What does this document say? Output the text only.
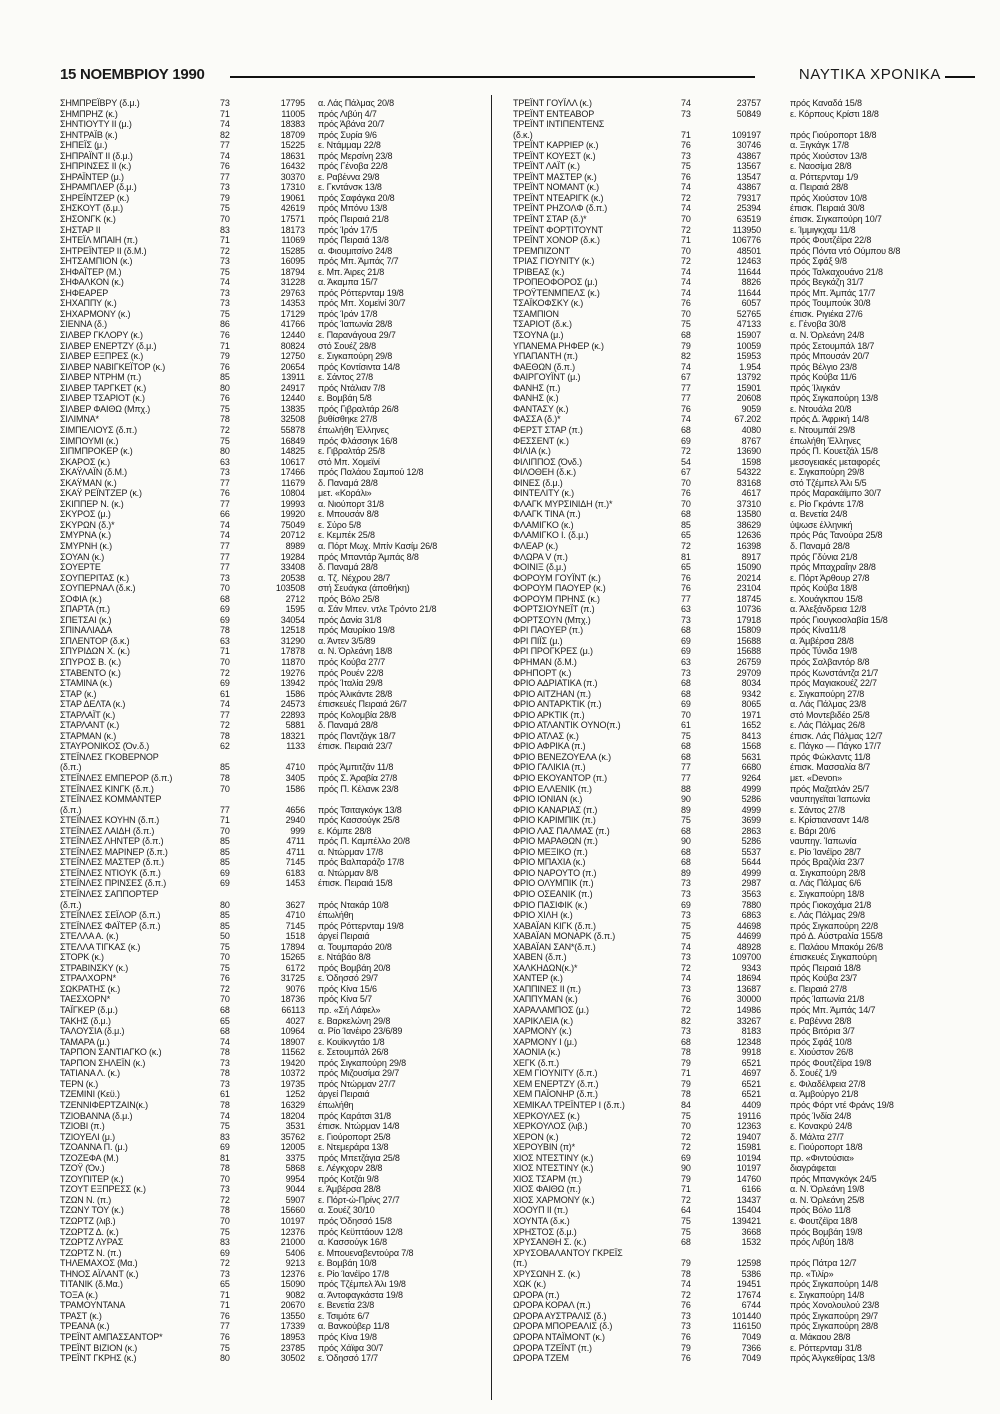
15 ΝΟΕΜΒΡΙΟΥ 1990	ΝΑΥΤΙΚΑ ΧΡΟΝΙΚΑ
ΣΗΜΠΡΕΪΒΡΥ (δ.μ.)	73	17795 α. Λάς Πάλμας 20/8
ΣΗΜΠΡΗΖ (κ.)	71	11005 πρός Λιβύη 4/7
ΣΗΝΤΙΟΥΤΥ ΙΙ (μ.)	74	18383 πρός Άβάνα 20/7
ΣΗΝΤΡΑΪΒ (κ.)	82	18709 πρός Συρία 9/6
ΣΗΠΕΪΣ (μ.)	77	15225 ε. Ντάμμαμ 22/8
ΣΗΠΡΑΪΝΤ ΙΙ (δ.μ.)	74	18631 πρός Μερσίνη 23/8
ΣΗΠΡΙΝΣΕΣ ΙΙ (κ.)	76	16432 πρός Γένοβα 22/8
ΣΗΡΑΪΝΤΕΡ (μ.)	77	30370 ε. Ραβέννα 29/8
ΣΗΡΑΜΠΛΕΡ (δ.μ.)	73	17310 ε. Γκντάνσκ 13/8
ΣΗΡΕΪΝΤΖΕΡ (κ.)	79	19061 πρός Σαφάγκα 20/8
ΣΗΣΚΟΥΤ (δ.μ.)	75	42619 πρός Μπόνυ 13/8
ΣΗΣΟΝΓΚ (κ.)	70	17571 πρός Πειραιά 21/8
ΣΗΣΤΑΡ ΙΙ	83	18173 πρός Ίράν 17/5
ΣΗΤΕΪΛ ΜΠΑΙΗ (π.)	71	11069 πρός Πειραιά 13/8
ΣΗΤΡΕΪΝΤΕΡ ΙΙ (δ.Μ.)	72	15285 α. Φιουμιτσίνο 24/8
ΣΗΤΣΑΜΠΙΟΝ (κ.)	73	16095 πρός Μπ. Άμπάς 7/7
ΣΗΦΑΪΤΕΡ (Μ.)	75	18794 ε. Μπ. Άιρες 21/8
ΣΗΦΑΛΚΟΝ (κ.)	74	31228 α. Άκαμπα 15/7
ΣΗΦΕΑΡΕΡ	73	29763 πρός Ρόττερνταμ 19/8
ΣΗΧΑΠΠΥ (κ.)	73	14353 πρός Μπ. Χομεϊνί 30/7
ΣΗΧΑΡΜΟΝΥ (κ.)	75	17129 πρός Ίράν 17/8
ΣΙΕΝΝΑ (δ.)	86	41766 πρός Ίαπωνία 28/8
ΣΙΛΒΕΡ ΓΚΛΟΡΥ (κ.)	76	12440 ε. Παρανάγουα 29/7
ΣΙΛΒΕΡ ΕΝΕΡΤΖΥ (δ.μ.)	71	80824 στό Σουέζ 28/8
ΣΙΛΒΕΡ ΕΞΠΡΕΣ (κ.)	79	12750 ε. Σιγκαπούρη 29/8
ΣΙΛΒΕΡ ΝΑΒΙΓΚΕΪΤΟΡ (κ.)	76	20654 πρός Κοντίσιντα 14/8
ΣΙΛΒΕΡ ΝΤΡΗΜ (π.)	85	13911 ε. Σάντος 27/8
ΣΙΛΒΕΡ ΤΑΡΓΚΕΤ (κ.)	80	24917 πρός Ντάλιαν 7/8
ΣΙΛΒΕΡ ΤΣΑΡΙΟΤ (κ.)	76	12440 ε. Βομβάη 5/8
ΣΙΛΒΕΡ ΦΑΙΘΩ (Μπχ.)	75	13835 πρός Γιβραλτάρ 26/8
ΣΙΛΙΜΝΑ*	78	32508 βυθίσθηκε 27/8
ΣΙΜΠΕΛΙΟΥΣ (δ.π.)	72	55878 έπωλήθη Έλληνες
ΣΙΜΠΟΥΜΙ (κ.)	75	16849 πρός Φλάσσιγκ 16/8
ΣΙΠΜΠΡΟΚΕΡ (κ.)	80	14825 ε. Γιβραλτάρ 25/8
ΣΚΑΡΟΣ (κ.)	63	10617 στό Μπ. Χομεϊνί
ΣΚΑΫΛΑΪΝ (δ.Μ.)	73	17466 πρός Παλάου Σαμπού 12/8
ΣΚΑΫΜΑΝ (κ.)	77	11679 δ. Παναμά 28/8
ΣΚΑΫ ΡΕΪΝΤΖΕΡ (κ.)	76	10804 μετ. «Κοράλι»
ΣΚΙΠΠΕΡ Ν. (κ.)	77	19993 α. Νιούπορτ 31/8
ΣΚΥΡΟΣ (μ.)	66	19920 ε. Μπουσάν 8/8
ΣΚΥΡΩΝ (δ.)*	74	75049 ε. Σύρο 5/8
ΣΜΥΡΝΑ (κ.)	74	20712 ε. Κεμπέκ 25/8
ΣΜΥΡΝΗ (κ.)	77	8989 α. Πόρτ Μωχ. Μπίν Κασίμ 26/8
ΣΟΥΑΝ (κ.)	77	19284 πρός Μπαντάρ Άμπάς 8/8
ΣΟΥΕΡΤΕ	77	33408 δ. Παναμά 28/8
ΣΟΥΠΕΡΙΤΑΣ (κ.)	73	20538 α. Τζ. Νέχρου 28/7
ΣΟΥΠΕΡΝΑΛ (δ.κ.)	70	103508 στή Σευάγκα (άποθήκη)
ΣΟΦΙΑ (κ.)	68	2712 πρός Βόλο 25/8
ΣΠΑΡΤΑ (π.)	69	1595 α. Σάν Μπεν. ντλε Τρόντο 21/8
ΣΠΕΤΣΑΙ (κ.)	69	34054 πρός Δανία 31/8
ΣΠΙΝΑΛΙΑΔΑ	78	12518 πρός Μαυρίκιο 19/8
ΣΠΛΕΝΤΟΡ (δ.κ.)	63	31290 α. Άντεν 3/5/89
ΣΠΥΡΙΔΩΝ Χ. (κ.)	71	17878 α. Ν. Όρλεάνη 18/8
ΣΠΥΡΟΣ Β. (κ.)	70	11870 πρός Κούβα 27/7
ΣΤΑΒΕΝΤΟ (κ.)	72	19276 πρός Ρουέν 22/8
ΣΤΑΜΙΝΑ (κ.)	69	13942 πρός Ίταλία 29/8
ΣΤΑΡ (κ.)	61	1586 πρός Άλικάντε 28/8
ΣΤΑΡ ΔΕΛΤΑ (κ.)	74	24573 έπισκευές Πειραιά 26/7
ΣΤΑΡΛΑΪΤ (κ.)	77	22893 πρός Κολομβία 28/8
ΣΤΑΡΛΑΝΤ (κ.)	72	5881 δ. Παναμά 28/8
ΣΤΑΡΜΑΝ (κ.)	78	18321 πρός Παντζάγκ 18/7
ΣΤΑΥΡΟΝΙΚΟΣ (Όν.δ.)	62	1133 έπισκ. Πειραιά 23/7
ΣΤΕΪΝΛΕΣ ΓΚΟΒΕΡΝΟΡ
(δ.π.)	85	4710 πρός Άμπιτζάν 11/8
ΣΤΕΪΝΛΕΣ ΕΜΠΕΡΟΡ (δ.π.)	78	3405 πρός Σ. Άραβία 27/8
ΣΤΕΪΝΛΕΣ ΚΙΝΓΚ (δ.π.)	70	1586 πρός Π. Κέλανκ 23/8
ΣΤΕΪΝΛΕΣ ΚΟΜΜΑΝΤΕΡ
(δ.π.)	77	4656 πρός Τσιταγκόγκ 13/8
ΣΤΕΪΝΛΕΣ ΚΟΥΗΝ (δ.π.)	71	2940 πρός Κασσούγκ 25/8
ΣΤΕΪΝΛΕΣ ΛΑΙΔΗ (δ.π.)	70	999 ε. Κόμπε 28/8
ΣΤΕΪΝΛΕΣ ΛΗΝΤΕΡ (δ.π.)	85	4711 πρός Π. Καμπέλλο 20/8
ΣΤΕΪΝΛΕΣ ΜΑΡΙΝΕΡ (δ.π.)	85	4711 α. Ντώρμαν 17/8
ΣΤΕΪΝΛΕΣ ΜΑΣΤΕΡ (δ.π.)	85	7145 πρός Βαλπαράζο 17/8
ΣΤΕΪΝΛΕΣ ΝΤΙΟΥΚ (δ.π.)	69	6183 α. Ντώρμαν 8/8
ΣΤΕΪΝΛΕΣ ΠΡΙΝΣΕΣ (δ.π.)	69	1453 έπισκ. Πειραιά 15/8
ΣΤΕΪΝΛΕΣ ΣΑΠΠΟΡΤΕΡ
(δ.π.)	80	3627 πρός Ντακάρ 10/8
ΣΤΕΪΝΛΕΣ ΣΕΪΛΟΡ (δ.π.)	85	4710 έπωλήθη
ΣΤΕΪΝΛΕΣ ΦΑΪΤΕΡ (δ.π.)	85	7145 πρός Ρόττερνταμ 19/8
ΣΤΕΛΛΑ Α. (κ.)	50	1518 άργεί Πειραιά
ΣΤΕΛΛΑ ΤΙΓΚΑΣ (κ.)	75	17894 α. Τουμπαράο 20/8
ΣΤΟΡΚ (κ.)	70	15265 ε. Ντάβάο 8/8
ΣΤΡΑΒΙΝΣΚΥ (κ.)	75	6172 πρός Βομβάη 20/8
ΣΤΡΑΛΧΟΡΝ*	76	31725 ε. Όδησσό 29/7
ΣΩΚΡΑΤΗΣ (κ.)	72	9076 πρός Κίνα 15/6
ΤΑΕΣΧΟΡΝ*	70	18736 πρός Κίνα 5/7
ΤΑΪΓΚΕΡ (δ.μ.)	68	66113 πρ. «Σή Λάφελ»
ΤΑΚΗΣ (δ.μ.)	65	4027 ε. Βαρκελώνη 29/8
ΤΑΛΟΥΣΙΑ (δ.μ.)	68	10964 α. Ρίο Ίανέιρο 23/6/89
ΤΑΜΑΡΑ (μ.)	74	18907 ε. Κουϊκνγτάο 1/8
ΤΑΡΠΟΝ ΣΑΝΤΙΑΓΚΟ (κ.)	78	11562 ε. Σετουμπάλ 26/8
ΤΑΡΠΟΝ ΣΗΛΕΪΝ (κ.)	73	19420 πρός Σιγκαπούρη 29/8
ΤΑΤΙΑΝΑ Λ. (κ.)	78	10372 πρός Μιζουσίμα 29/7
ΤΕΡΝ (κ.)	73	19735 πρός Ντώρμαν 27/7
ΤΖΕΜΙΝΙ (Κεϋ.)	61	1252 άργεί Πειραιά
ΤΖΕΝΝΙΦΕΡΤΖΑΙΝ(κ.)	78	16329 έπωλήθη
ΤΖΙΟΒΑΝΝΑ (δ.μ.)	74	18204 πρός Καράτσι 31/8
ΤΖΙΟΒΙ (π.)	75	3531 έπισκ. Ντώρμαν 14/8
ΤΖΙΟΥΕΛΙ (μ.)	83	35762 ε. Γιούροπορτ 25/8
ΤΖΟΑΝΝΑ Π. (μ.)	69	12005 ε. Ντεμεράρα 13/8
ΤΖΟΖΕΦΑ (Μ.)	81	3375 πρός Μπετζάγια 25/8
ΤΖΟΫ (Όν.)	78	5868 ε. Λέγκχορν 28/8
ΤΖΟΥΠΙΤΕΡ (κ.)	70	9954 πρός Κοτζάι 9/8
ΤΖΟΥΤ ΕΞΠΡΕΣΣ (κ.)	73	9044 ε. Άμβέρσα 28/8
ΤΖΩΝ Ν. (π.)	72	5907 ε. Πόρτ-ώ-Πρίνς 27/7
ΤΖΩΝΥ ΤΟΥ (κ.)	78	15660 α. Σουέζ 30/10
ΤΖΩΡΤΖ (λιβ.)	70	10197 πρός Όδησσό 15/8
ΤΖΩΡΤΖ Δ. (κ.)	75	12376 πρός Κεϋπτάουν 12/8
ΤΖΩΡΤΖ ΛΥΡΑΣ	83	21000 α. Κασσούγκ 16/8
ΤΖΩΡΤΖ Ν. (π.)	69	5406 ε. Μπουεναβεντούρα 7/8
ΤΗΛΕΜΑΧΟΣ (Μα.)	72	9213 ε. Βομβάη 10/8
ΤΗΝΟΣ ΑΪΛΑΝΤ (κ.)	73	12376 ε. Ρίο Ίανέϊρο 17/8
ΤΙΤΑΝΙΚ (δ.Μα.)	65	15090 πρός Τζέμπελ Άλι 19/8
ΤΟΞΑ (κ.)	71	9082 α. Άντοφαγκάστα 19/8
ΤΡΑΜΟΥΝΤΑΝΑ	71	20670 ε. Βενετία 23/8
ΤΡΑΣΤ (κ.)	76	13550 ε. Τσιμότε 6/7
ΤΡΕΑΝΑ (κ.)	77	17339 α. Βανκούβερ 11/8
ΤΡΕΪΝΤ ΑΜΠΑΣΣΑΝΤΟΡ*	76	18953 πρός Κίνα 19/8
ΤΡΕΪΝΤ ΒΙΖΙΟΝ (κ.)	75	23785 πρός Χάϊφα 30/7
ΤΡΕΪΝΤ ΓΚΡΗΣ (κ.)	80	30502 ε. Όδησσό 17/7
ΤΡΕΪΝΤ ΓΟΥΪΛΛ (κ.)	74	23757	πρός Καναδά 15/8
ΤΡΕΪΝΤ ΕΝΤΕΑΒΟΡ	73	50849	ε. Κόρπους Κρίστι 18/8
ΤΡΕΪΝΤ ΙΝΤΙΠΕΝΤΕΝΣ
(δ.κ.)	71	109197	πρός Γιούροπορτ 18/8
ΤΡΕΪΝΤ ΚΑΡΡΙΕΡ (κ.)	76	30746	α. Ξιγκάγκ 17/8
ΤΡΕΪΝΤ ΚΟΥΕΣΤ (κ.)	73	43867	πρός Χιούστον 13/8
ΤΡΕΪΝΤ ΛΑΪΤ (κ.)	75	13567	ε. Ναοσίμα 28/8
ΤΡΕΪΝΤ ΜΑΣΤΕΡ (κ.)	76	13547	α. Ρόττερνταμ 1/9
ΤΡΕΪΝΤ ΝΟΜΑΝΤ (κ.)	74	43867	α. Πειραιά 28/8
ΤΡΕΪΝΤ ΝΤΕΑΡΙΓΚ (κ.)	72	79317	πρός Χιούστον 10/8
ΤΡΕΪΝΤ ΡΗΖΟΛΦ (δ.π.)	74	25394	έπισκ. Πειραιά 30/8
ΤΡΕΪΝΤ ΣΤΑΡ (δ.)*	70	63519	έπισκ. Σιγκαπούρη 10/7
ΤΡΕΪΝΤ ΦΟΡΤΙΤΟΥΝΤ	72	113950	ε. Ίμμιγκχαμ 11/8
ΤΡΕΪΝΤ ΧΟΝΟΡ (δ.κ.)	71	106776	πρός Φουτζέϊρα 22/8
ΤΡΕΜΠΙΖΟΝΤ	70	48501	πρός Πόντα ντό Ούμπου 8/8
ΤΡΙΑΣ ΓΙΟΥΝΙΤΥ (κ.)	72	12463	πρός Σφάξ 9/8
ΤΡΙΒΕΑΣ (κ.)	74	11644	πρός Ταλκαχουάνο 21/8
ΤΡΟΠΕΟΦΟΡΟΣ (μ.)	74	8826	πρός Βεγκάζη 31/7
ΤΡΟΫΤΕΝΜΠΕΛΣ (κ.)	74	11644	πρός Μπ. Άμπάς 17/7
ΤΣΑΪΚΟΦΣΚΥ (κ.)	76	6057	πρός Τουμπούκ 30/8
ΤΣΑΜΠΙΟΝ	70	52765	έπισκ. Ριγιέκα 27/6
ΤΣΑΡΙΟΤ (δ.κ.)	75	47133	ε. Γένοβα 30/8
ΤΣΟΥΝΑ (μ.)	68	15907	α. Ν. Όρλεάνη 24/8
ΥΠΑΝΕΜΑ ΡΗΦΕΡ (κ.)	79	10059	πρός Σετουμπάλ 18/7
ΥΠΑΠΑΝΤΗ (π.)	82	15953	πρός Μπουσάν 20/7
ΦΑΕΘΩΝ (δ.π.)	74	1.954	πρός Βέλγιο 23/8
ΦΑΙΡΓΟΥΪΝΤ (μ.)	67	13792	πρός Κούβα 11/6
ΦΑΝΗΣ (π.)	77	15901	πρός Ίλιγκάν
ΦΑΝΗΣ (κ.)	77	20608	πρός Σιγκαπούρη 13/8
ΦΑΝΤΑΣΥ (κ.)	76	9059	ε. Ντουάλα 20/8
ΦΑΣΣΑ (δ.)*	74	67.202	πρός Δ. Άφρική 14/8
ΦΕΡΣΤ ΣΤΑΡ (π.)	68	4080	ε. Ντουμπάϊ 29/8
ΦΕΣΣΕΝΤ (κ.)	69	8767	έπωλήθη Έλληνες
ΦΙΛΙΑ (κ.)	72	13690	πρός Π. Κουετζάλ 15/8
ΦΙΛΙΠΠΟΣ (Όνδ.)	54	1598	μεσογειακές μεταφορές
ΦΙΛΟΘΕΗ (δ.κ.)	67	54322	ε. Σιγκαπούρη 29/8
ΦΙΝΕΣ (δ.μ.)	70	83168	στό Τζέμπελ Άλι 5/5
ΦΙΝΤΕΛΙΤΥ (κ.)	76	4617	πρός Μαρακάϊμπο 30/7
ΦΛΑΓΚ ΜΥΡΣΙΝΙΔΗ (π.)*	70	37310	ε. Ρίο Γκράντε 17/8
ΦΛΑΓΚ ΤΙΝΑ (π.)	68	13580	α. Βενετία 24/8
ΦΛΑΜΙΓΚΟ (κ.)	85	38629	ύψωσε έλληνική
ΦΛΑΜΙΓΚΟ Ι. (δ.μ.)	65	12636	πρός Ράς Τανούρα 25/8
ΦΛΕΑΡ (κ.)	72	16398	δ. Παναμά 28/8
ΦΛΩΡΑ V (π.)	81	8917	πρός Γδύνια 21/8
ΦΟΙΝΙΞ (δ.μ.)	65	15090	πρός Μπαχραΐην 28/8
ΦΟΡΟΥΜ ΓΟΥΪΝΤ (κ.)	76	20214	ε. Πόρτ Άρθουρ 27/8
ΦΟΡΟΥΜ ΠΑΟΥΕΡ (κ.)	76	23104	πρός Κούβα 18/8
ΦΟΡΟΥΜ ΠΡΗΝΣ (κ.)	77	18745	ε. Χουάγκπου 15/8
ΦΟΡΤΣΙΟΥΝΕΪΤ (π.)	63	10736	α. Άλεξάνδρεια 12/8
ΦΟΡΤΣΟΥΝ (Μπχ.)	73	17918	πρός Γιουγκοσλαβία 15/8
ΦΡΙ ΠΑΟΥΕΡ (π.)	68	15809	πρός Κίνα11/8
ΦΡΙ ΠΙΪΣ (μ.)	69	15688	α. Άμβέρσα 28/8
ΦΡΙ ΠΡΟΓΚΡΕΣ (μ.)	69	15688	πρός Τύνιδα 19/8
ΦΡΗΜΑΝ (δ.Μ.)	63	26759	πρός Σαλβαντόρ 8/8
ΦΡΗΠΟΡΤ (κ.)	73	29709	πρός Κωνστάντζα 21/7
ΦΡΙΟ ΑΔΡΙΑΤΙΚΑ (π.)	68	8034	πρός Μαγιακουέζ 22/7
ΦΡΙΟ ΑΙΤΖΗΑΝ (π.)	68	9342	ε. Σιγκαπούρη 27/8
ΦΡΙΟ ΑΝΤΑΡΚΤΙΚ (π.)	69	8065	α. Λάς Πάλμας 23/8
ΦΡΙΟ ΑΡΚΤΙΚ (π.)	70	1971	στό Μοντεβιδέο 25/8
ΦΡΙΟ ΑΤΛΑΝΤΙΚ ΟΥΝΟ(π.)	61	1652	ε. Λάς Πάλμας 26/8
ΦΡΙΟ ΑΤΛΑΣ (κ.)	75	8413	έπισκ. Λάς Πάλμας 12/7
ΦΡΙΟ ΑΦΡΙΚΑ (π.)	68	1568	ε. Πάγκο — Πάγκο 17/7
ΦΡΙΟ ΒΕΝΕΖΟΥΕΛΑ (κ.)	68	5631	πρός Φώκλαντς 11/8
ΦΡΙΟ ΓΑΛΙΚΙΑ (π.)	77	6680	έπισκ. Μασσαλία 8/7
ΦΡΙΟ ΕΚΟΥΑΝΤΟΡ (π.)	77	9264	μετ. «Devon»
ΦΡΙΟ ΕΛΛΕΝΙΚ (π.)	88	4999	πρός Μαζατλάν 25/7
ΦΡΙΟ ΙΟΝΙΑΝ (κ.)	90	5286	ναυπηγεϊται Ίαπωνία
ΦΡΙΟ ΚΑΝΑΡΙΑΣ (π.)	89	4999	ε. Σάντος 27/8
ΦΡΙΟ ΚΑΡΙΜΠΙΚ (π.)	75	3699	ε. Κρίστιανσαντ 14/8
ΦΡΙΟ ΛΑΣ ΠΑΛΜΑΣ (π.)	68	2863	ε. Βάρι 20/6
ΦΡΙΟ ΜΑΡΑΘΩΝ (π.)	90	5286	ναυπηγ. Ίαπωνία
ΦΡΙΟ ΜΕΞΙΚΟ (π.)	68	5537	ε. Ρίο Ίανέϊρο 28/7
ΦΡΙΟ ΜΠΑΧΙΑ (κ.)	68	5644	πρός Βραζιλία 23/7
ΦΡΙΟ ΝΑΡΟΥΤΟ (π.)	89	4999	α. Σιγκαπούρη 28/8
ΦΡΙΟ ΟΛΥΜΠΙΚ (π.)	73	2987	α. Λάς Πάλμας 6/6
ΦΡΙΟ ΟΣΕΑΝΙΚ (π.)	73	3563	ε. Σιγκαπούρη 18/8
ΦΡΙΟ ΠΑΣΙΦΙΚ (κ.)	69	7880	πρός Γιοκοχάμα 21/8
ΦΡΙΟ ΧΙΛΗ (κ.)	73	6863	ε. Λάς Πάλμας 29/8
ΧΑΒΑΪΑΝ ΚΙΓΚ (δ.π.)	75	44698	πρός Σιγκαπούρη 22/8
ΧΑΒΑΪΑΝ ΜΟΝΑΡΚ (δ.π.)	75	44699	πρό Δ. Αύστραλία 155/8
ΧΑΒΑΪΑΝ ΣΑΝ*(δ.π.)	74	48928	ε. Παλάου Μπακόμ 26/8
ΧΑΒΕΝ (δ.π.)	73	109700	έπισκευές Σιγκαπούρη
ΧΑΛΚΗΔΩΝ(κ.)*	72	9343	πρός Πειραιά 18/8
ΧΑΝΤΕΡ (κ.)	74	18694	πρός Κούβα 23/7
ΧΑΠΠΙΝΕΣ ΙΙ (π.)	73	13687	ε. Πειραιά 27/8
ΧΑΠΠΥΜΑΝ (κ.)	76	30000	πρός Ίαπωνία 21/8
ΧΑΡΑΛΑΜΠΟΣ (μ.)	72	14986	πρός Μπ. Άμπάς 14/7
ΧΑΡΙΚΛΕΙΑ (κ.)	82	33267	ε. Ραβέννα 28/8
ΧΑΡΜΟΝΥ (κ.)	73	8183	πρός Βιτόρια 3/7
ΧΑΡΜΟΝΥ Ι (μ.)	68	12348	πρός Σφάξ 10/8
ΧΑΟΝΙΑ (κ.)	78	9918	ε. Χιούστον 26/8
ΧΕΓΚ (δ.π.)	79	6521	πρός Φουτζέϊρα 19/8
ΧΕΜ ΓΙΟΥΝΙΤΥ (δ.π.)	71	4697	δ. Σουέζ 1/9
ΧΕΜ ΕΝΕΡΤΖΥ (δ.π.)	79	6521	ε. Φιλαδέλφεια 27/8
ΧΕΜ ΠΑΪΟΝΗΡ (δ.π.)	78	6521	α. Άμβούργο 21/8
ΧΕΜΙΚΑΛ ΤΡΕΪΝΤΕΡ Ι (δ.π.)	84	4409	πρός Φόρτ ντέ Φράνς 19/8
ΧΕΡΚΟΥΛΕΣ (κ.)	75	19116	πρός Ίνδία 24/8
ΧΕΡΚΟΥΛΟΣ (λιβ.)	70	12363	ε. Κονακρύ 24/8
ΧΕΡΟΝ (κ.)	72	19407	δ. Μάλτα 27/7
ΧΕΡΟΥΒΙΝ (π)*	72	15981	ε. Γιούροπορτ 18/8
ΧΙΟΣ ΝΤΕΣΤΙΝΥ (κ.)	69	10194	πρ. «Φιντούσια»
ΧΙΟΣ ΝΤΕΣΤΙΝΥ (κ.)	90	10197	διαγράφεται
ΧΙΟΣ ΤΣΑΡΜ (π.)	79	14760	πρός Μπανγκόγκ 24/5
ΧΙΟΣ ΦΑΙΘΩ (π.)	71	6166	α. Ν. Όρλεάνη 19/8
ΧΙΟΣ ΧΑΡΜΟΝΥ (κ.)	72	13437	α. Ν. Όρλεάνη 25/8
ΧΟΟΥΠ ΙΙ (π.)	64	15404	πρός Βόλο 11/8
ΧΟΥΝΤΑ (δ.κ.)	75	139421	ε. Φουτζέϊρα 18/8
ΧΡΗΣΤΟΣ (δ.μ.)	75	3668	πρός Βομβάη 19/8
ΧΡΥΣΑΝΘΗ Σ. (κ.)	68	1532	πρός Λιβύη 18/8
ΧΡΥΣΟΒΑΛΑΝΤΟΥ ΓΚΡΕΪΣ
(π.)	79	12598	πρός Πάτρα 12/7
ΧΡΥΣΩΝΗ Σ. (κ.)	78	5386	πρ. «Τιλίρ»
ΧΩΚ (κ.)	74	19451	πρός Σιγκαπούρη 14/8
ΩΡΟΡΑ (π.)	72	17674	ε. Σιγκαπούρη 14/8
ΩΡΟΡΑ ΚΟΡΑΛ (π.)	76	6744	πρός Χονολουλού 23/8
ΩΡΟΡΑ ΑΥΣΤΡΑΛΙΣ (δ.)	73	101440	πρός Σιγκαπούρη 29/7
ΩΡΟΡΑ ΜΠΟΡΕΑΛΙΣ (δ.)	73	116150	πρός Σιγκαπούρη 28/8
ΩΡΟΡΑ ΝΤΑΪΜΟΝΤ (κ.)	76	7049	α. Μάκαου 28/8
ΩΡΟΡΑ ΤΖΕΪΝΤ (π.)	79	7366	ε. Ρόττερνταμ 31/8
ΩΡΟΡΑ ΤΖΕΜ	76	7049	πρός Άλγκεθίρας 13/8
